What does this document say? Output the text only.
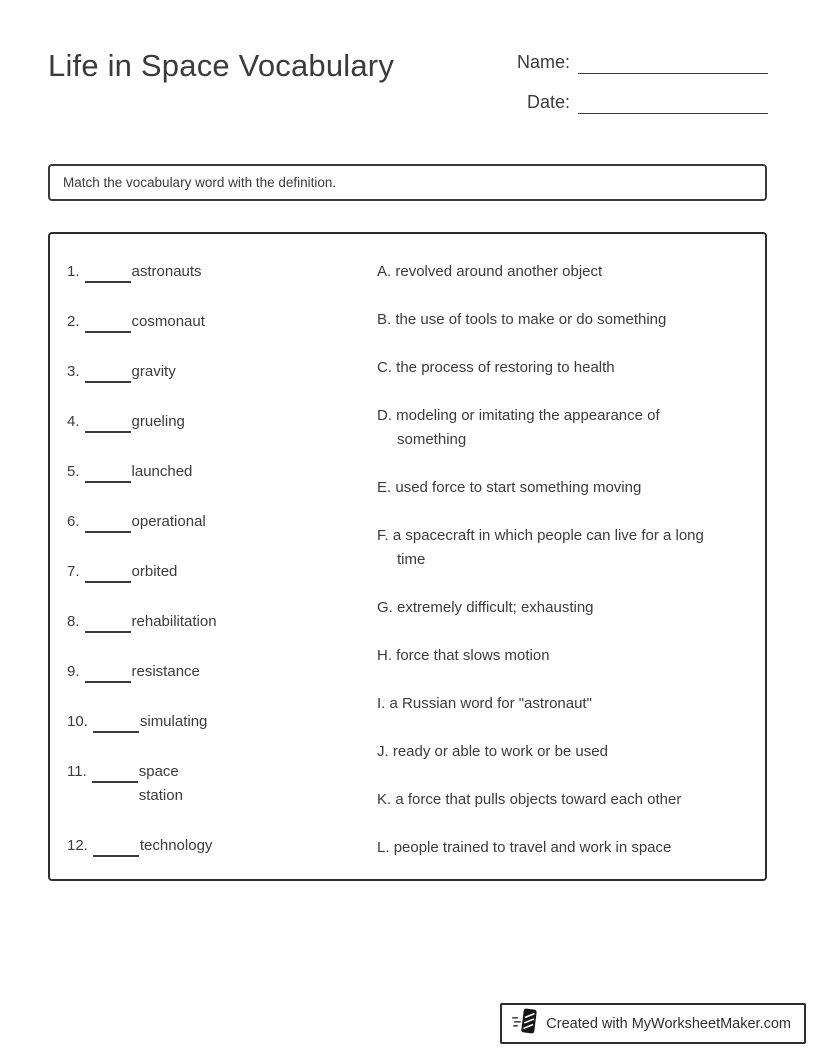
Life in Space Vocabulary	Name:
Date:
Match the vocabulary word with the definition.
1.	astronauts
2.	cosmonaut
3.	gravity
4.	grueling
5.	launched
6.	operational
7.	orbited
8.	rehabilitation
9.	resistance
10.	simulating
11.	space station
12.	technology
A. revolved around another object
B. the use of tools to make or do something
C. the process of restoring to health
D. modeling or imitating the appearance of something
E. used force to start something moving
F. a spacecraft in which people can live for a long time
G. extremely difficult; exhausting
H. force that slows motion
I. a Russian word for "astronaut"
J. ready or able to work or be used
K. a force that pulls objects toward each other
L. people trained to travel and work in space
Created with MyWorksheetMaker.com
